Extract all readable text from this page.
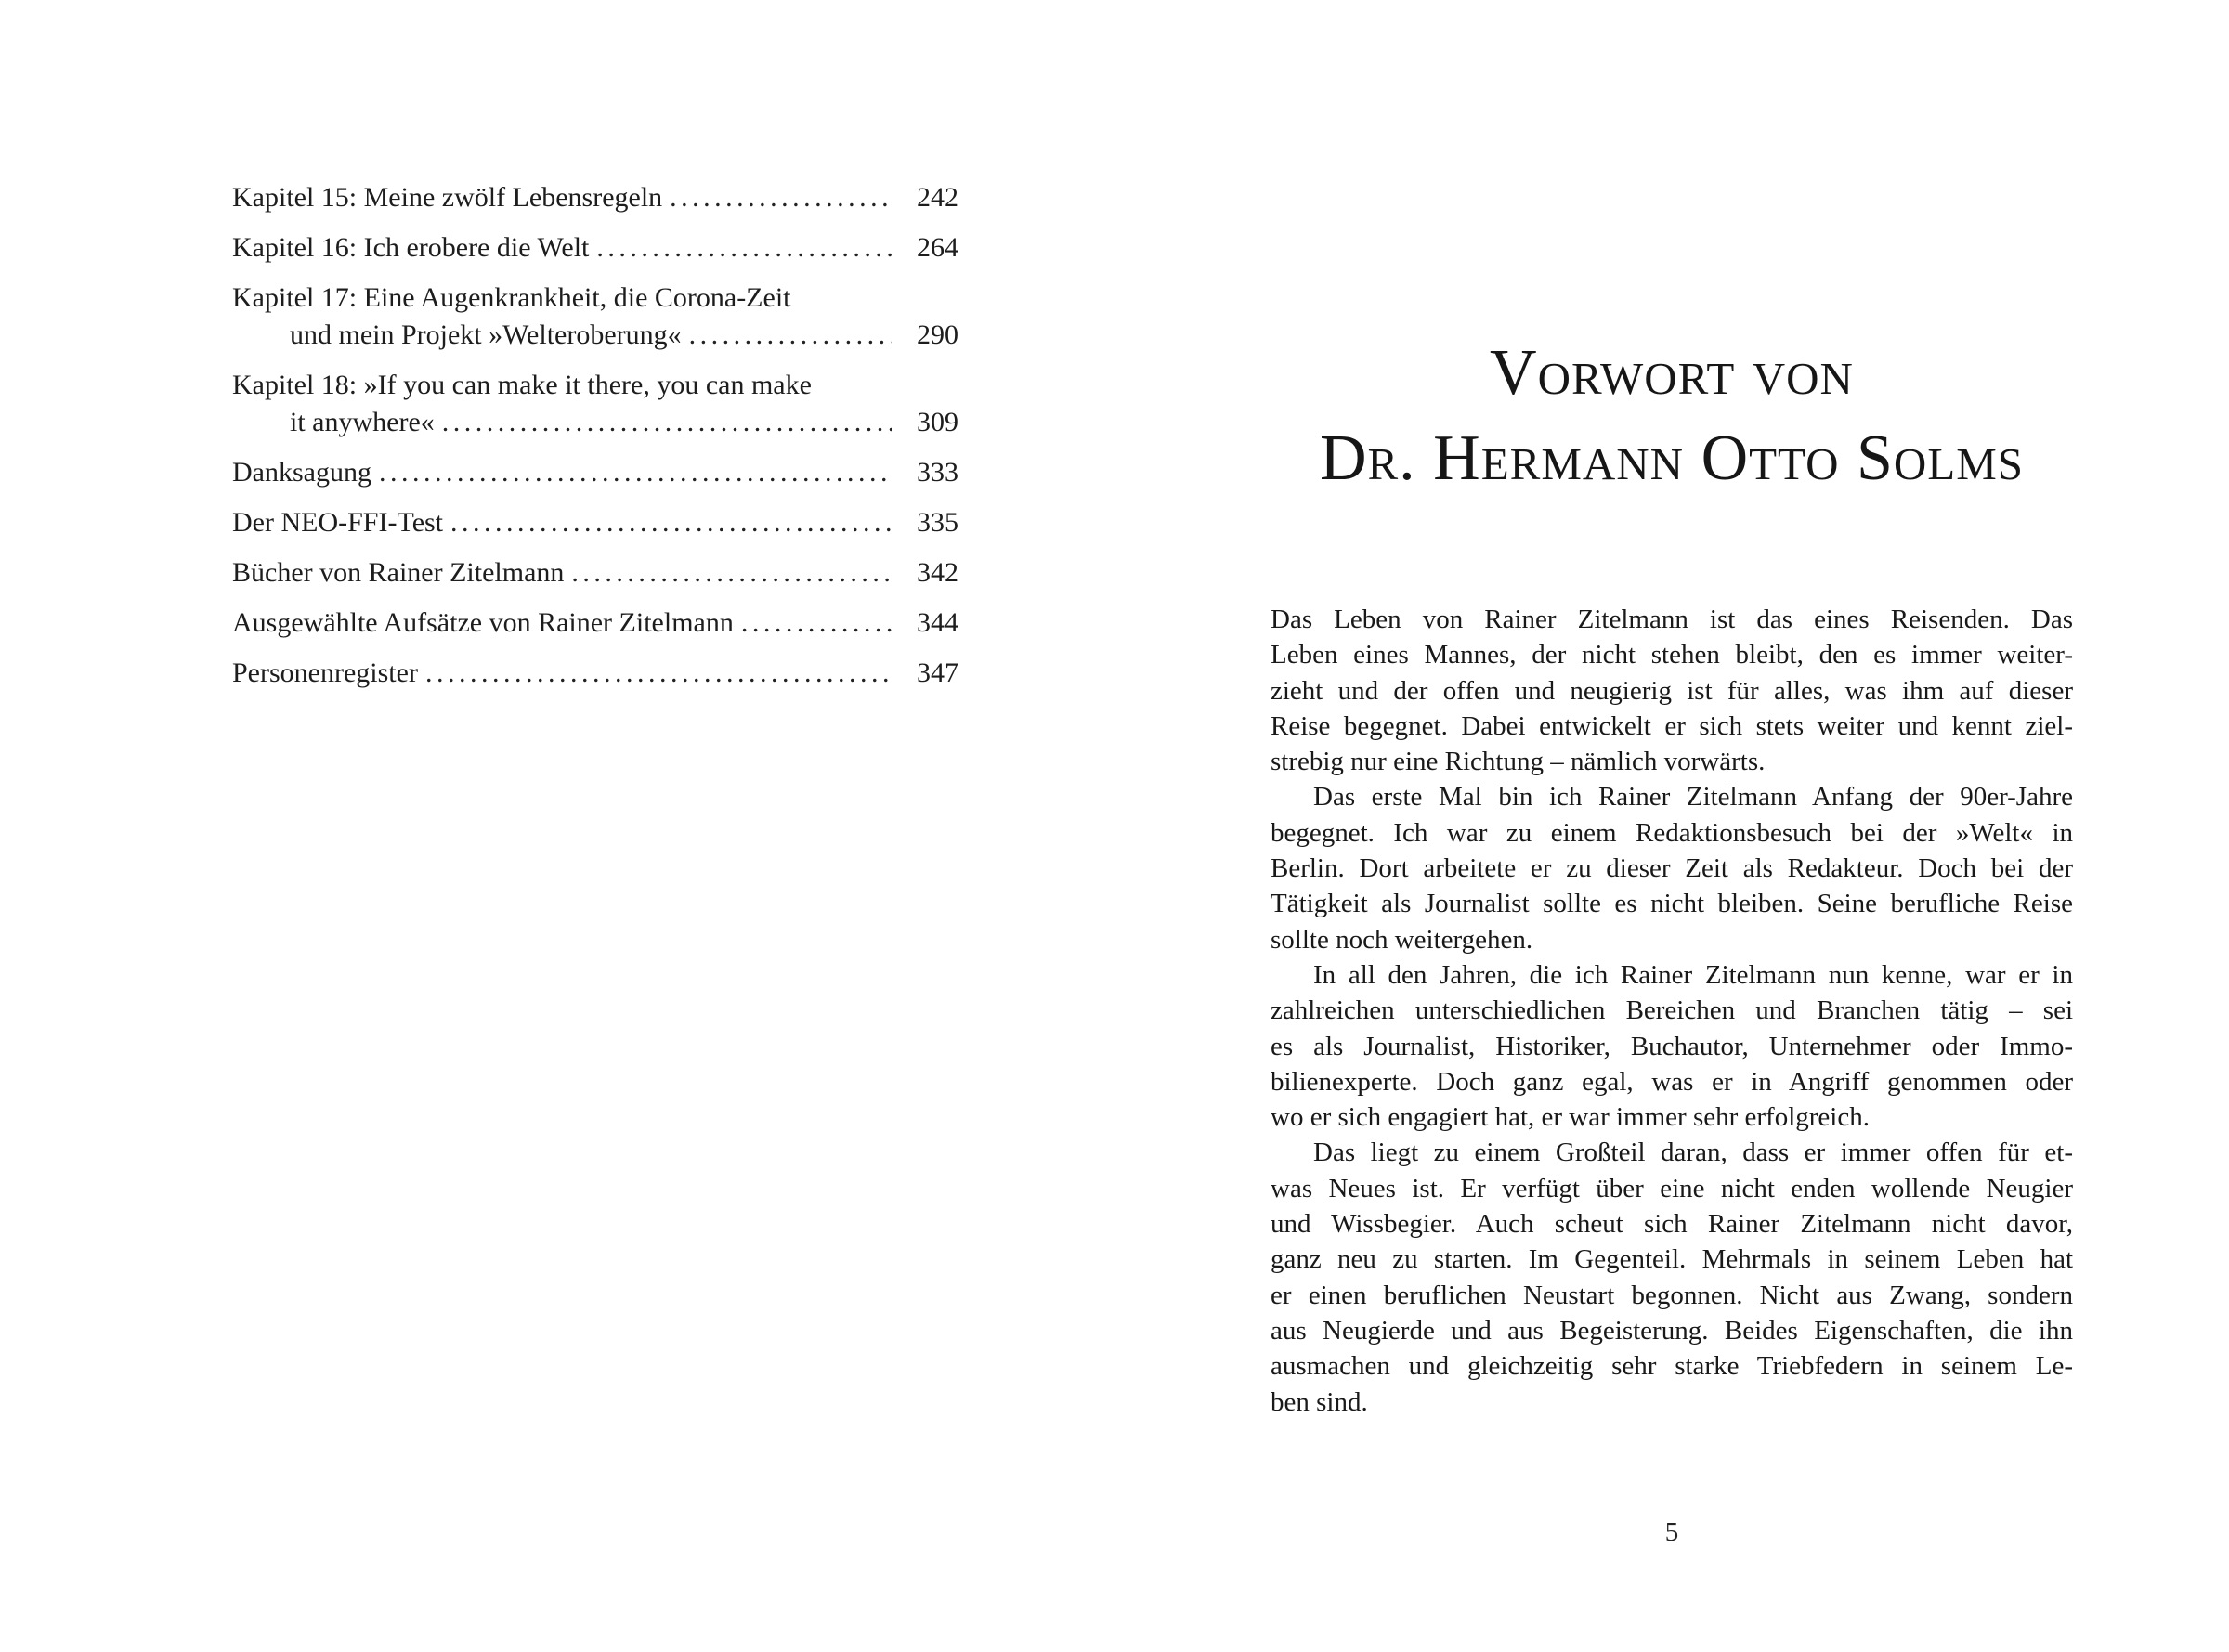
Kapitel 15: Meine zwölf Lebensregeln .....	242
Kapitel 16: Ich erobere die Welt .....	264
Kapitel 17: Eine Augenkrankheit, die Corona-Zeit
und mein Projekt »Welteroberung« .....	290
Kapitel 18: »If you can make it there, you can make
it anywhere« .....	309
Danksagung .....	333
Der NEO-FFI-Test .....	335
Bücher von Rainer Zitelmann .....	342
Ausgewählte Aufsätze von Rainer Zitelmann .....	344
Personenregister .....	347
Vorwort von
Dr. Hermann Otto Solms
Das Leben von Rainer Zitelmann ist das eines Reisenden. Das
Leben eines Mannes, der nicht stehen bleibt, den es immer weiter-
zieht und der offen und neugierig ist für alles, was ihm auf dieser
Reise begegnet. Dabei entwickelt er sich stets weiter und kennt ziel-
strebig nur eine Richtung – nämlich vorwärts.
Das erste Mal bin ich Rainer Zitelmann Anfang der 90er-Jahre
begegnet. Ich war zu einem Redaktionsbesuch bei der »Welt« in
Berlin. Dort arbeitete er zu dieser Zeit als Redakteur. Doch bei der
Tätigkeit als Journalist sollte es nicht bleiben. Seine berufliche Reise
sollte noch weitergehen.
In all den Jahren, die ich Rainer Zitelmann nun kenne, war er in
zahlreichen unterschiedlichen Bereichen und Branchen tätig – sei
es als Journalist, Historiker, Buchautor, Unternehmer oder Immo-
bilienexperte. Doch ganz egal, was er in Angriff genommen oder
wo er sich engagiert hat, er war immer sehr erfolgreich.
Das liegt zu einem Großteil daran, dass er immer offen für et-
was Neues ist. Er verfügt über eine nicht enden wollende Neugier
und Wissbegier. Auch scheut sich Rainer Zitelmann nicht davor,
ganz neu zu starten. Im Gegenteil. Mehrmals in seinem Leben hat
er einen beruflichen Neustart begonnen. Nicht aus Zwang, sondern
aus Neugierde und aus Begeisterung. Beides Eigenschaften, die ihn
ausmachen und gleichzeitig sehr starke Triebfedern in seinem Le-
ben sind.
5
